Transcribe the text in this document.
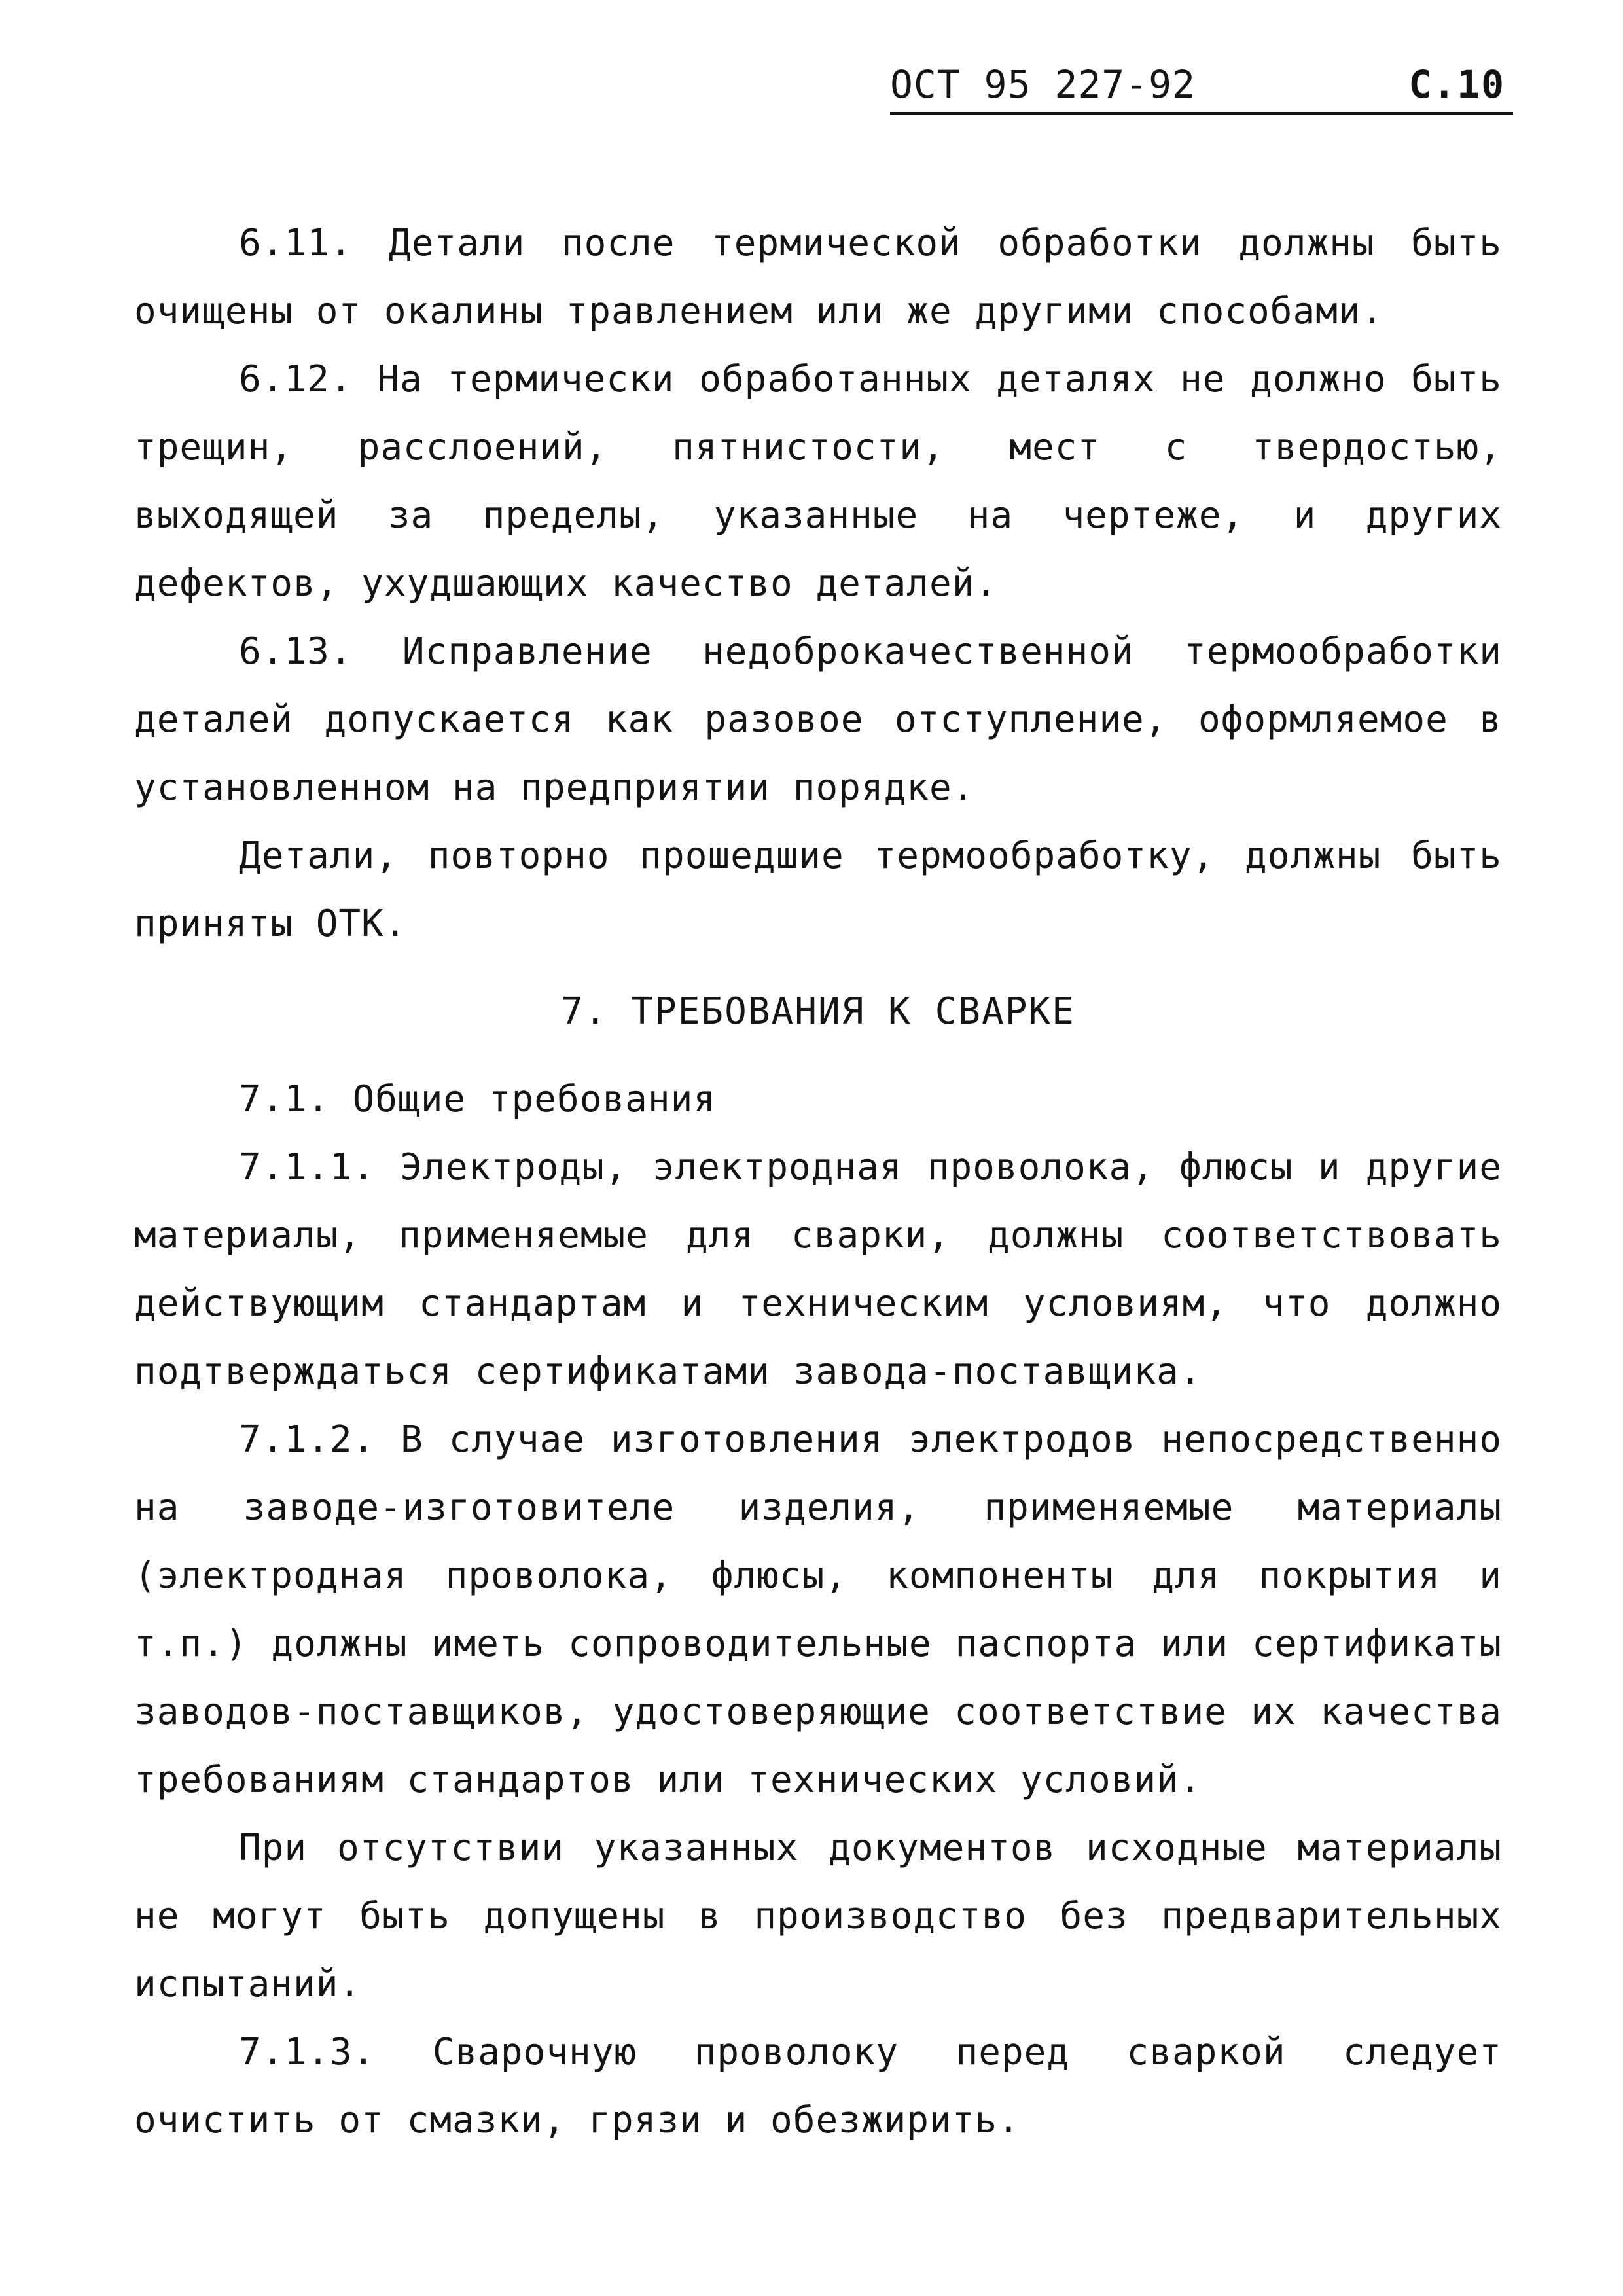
ОСТ 95 227-92	С.10

6.11. Детали после термической обработки должны быть очищены от окалины травлением или же другими способами.

6.12. На термически обработанных деталях не должно быть трещин, расслоений, пятнистости, мест с твердостью, выходящей за пределы, указанные на чертеже, и других дефектов, ухудшающих качество деталей.

6.13. Исправление недоброкачественной термообработки деталей допускается как разовое отступление, оформляемое в установленном на предприятии порядке.

Детали, повторно прошедшие термообработку, должны быть приняты ОТК.

7. ТРЕБОВАНИЯ К СВАРКЕ

7.1. Общие требования

7.1.1. Электроды, электродная проволока, флюсы и другие материалы, применяемые для сварки, должны соответствовать действующим стандартам и техническим условиям, что должно подтверждаться сертификатами завода-поставщика.

7.1.2. В случае изготовления электродов непосредственно на заводе-изготовителе изделия, применяемые материалы (электродная проволока, флюсы, компоненты для покрытия и т.п.) должны иметь сопроводительные паспорта или сертификаты заводов-поставщиков, удостоверяющие соответствие их качества требованиям стандартов или технических условий.

При отсутствии указанных документов исходные материалы не могут быть допущены в производство без предварительных испытаний.

7.1.3. Сварочную проволоку перед сваркой следует очистить от смазки, грязи и обезжирить.
